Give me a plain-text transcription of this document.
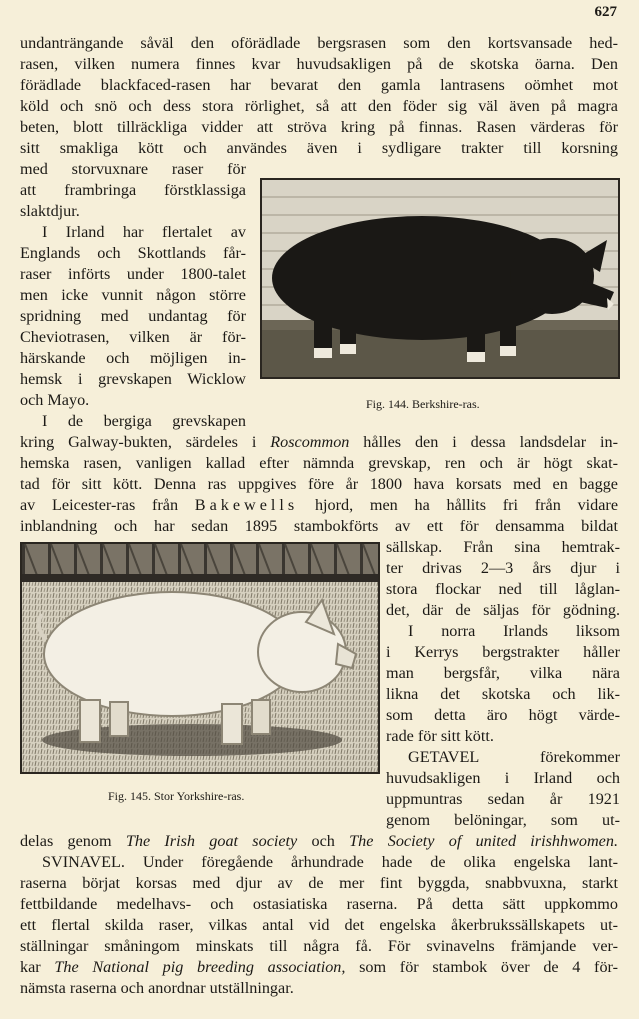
627
undanträngande såväl den oförädlade bergsrasen som den kortsvansade hed-
rasen, vilken numera finnes kvar huvudsakligen på de skotska öarna. Den
förädlade blackfaced-rasen har bevarat den gamla lantrasens oömhet mot
köld och snö och dess stora rörlighet, så att den föder sig väl även på magra
beten, blott tillräckliga vidder att ströva kring på finnas. Rasen värderas för
sitt smakliga kött och användes även i sydligare trakter till korsning
med storvuxnare raser för
att frambringa förstklassiga
slaktdjur.
I Irland har flertalet av
Englands och Skottlands får-
raser införts under 1800-talet
men icke vunnit någon större
spridning med undantag för
Cheviotrasen, vilken är för-
härskande och möjligen in-
hemsk i grevskapen Wicklow
och Mayo.
I de bergiga grevskapen
Fig. 144. Berkshire-ras.
kring Galway-bukten, särdeles i Roscommon hålles den i dessa landsdelar in-
hemska rasen, vanligen kallad efter nämnda grevskap, ren och är högt skat-
tad för sitt kött. Denna ras uppgives före år 1800 hava korsats med en bagge
av Leicester-ras från Bakewells hjord, men ha hållits fri från vidare
inblandning och har sedan 1895 stambokförts av ett för densamma bildat
Fig. 145. Stor Yorkshire-ras.
sällskap. Från sina hemtrak-
ter drivas 2—3 års djur i
stora flockar ned till låglan-
det, där de säljas för gödning.
I norra Irlands liksom
i Kerrys bergstrakter håller
man bergsfår, vilka nära
likna det skotska och lik-
som detta äro högt värde-
rade för sitt kött.
GETAVEL förekommer
huvudsakligen i Irland och
uppmuntras sedan år 1921
genom belöningar, som ut-
delas genom The Irish goat society och The Society of united irishhwomen.
SVINAVEL. Under föregående århundrade hade de olika engelska lant-
raserna börjat korsas med djur av de mer fint byggda, snabbvuxna, starkt
fettbildande medelhavs- och ostasiatiska raserna. På detta sätt uppkommo
ett flertal skilda raser, vilkas antal vid det engelska åkerbrukssällskapets ut-
ställningar småningom minskats till några få. För svinavelns främjande ver-
kar The National pig breeding association, som för stambok över de 4 för-
nämsta raserna och anordnar utställningar.
